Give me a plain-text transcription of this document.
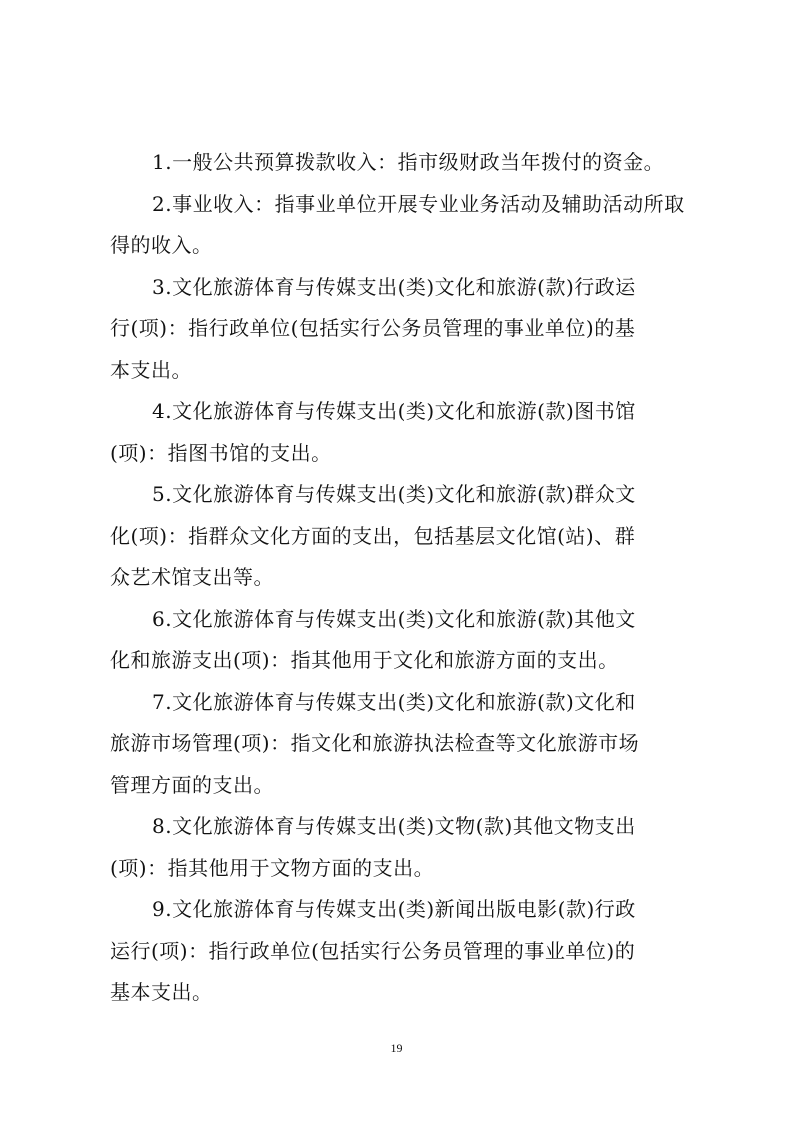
1.一般公共预算拨款收入：指市级财政当年拨付的资金。
2.事业收入：指事业单位开展专业业务活动及辅助活动所取
得的收入。
3.文化旅游体育与传媒支出(类)文化和旅游(款)行政运
行(项)：指行政单位(包括实行公务员管理的事业单位)的基
本支出。
4.文化旅游体育与传媒支出(类)文化和旅游(款)图书馆
(项)：指图书馆的支出。
5.文化旅游体育与传媒支出(类)文化和旅游(款)群众文
化(项)：指群众文化方面的支出，包括基层文化馆(站)、群
众艺术馆支出等。
6.文化旅游体育与传媒支出(类)文化和旅游(款)其他文
化和旅游支出(项)：指其他用于文化和旅游方面的支出。
7.文化旅游体育与传媒支出(类)文化和旅游(款)文化和
旅游市场管理(项)：指文化和旅游执法检查等文化旅游市场
管理方面的支出。
8.文化旅游体育与传媒支出(类)文物(款)其他文物支出
(项)：指其他用于文物方面的支出。
9.文化旅游体育与传媒支出(类)新闻出版电影(款)行政
运行(项)：指行政单位(包括实行公务员管理的事业单位)的
基本支出。
19
